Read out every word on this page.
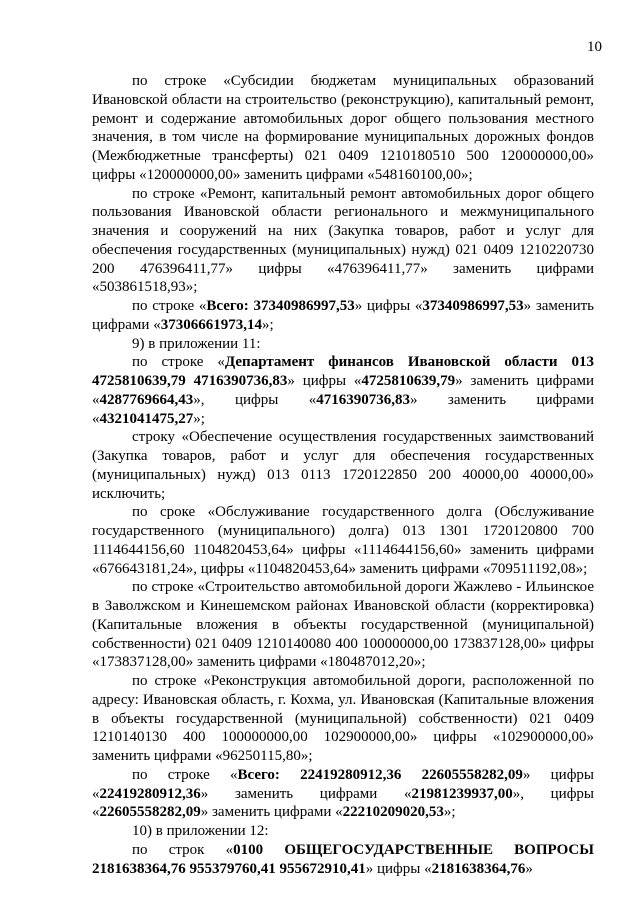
10

по строке «Субсидии бюджетам муниципальных образований Ивановской области на строительство (реконструкцию), капитальный ремонт, ремонт и содержание автомобильных дорог общего пользования местного значения, в том числе на формирование муниципальных дорожных фондов (Межбюджетные трансферты) 021 0409 1210180510 500 120000000,00» цифры «120000000,00» заменить цифрами «548160100,00»;

по строке «Ремонт, капитальный ремонт автомобильных дорог общего пользования Ивановской области регионального и межмуниципального значения и сооружений на них (Закупка товаров, работ и услуг для обеспечения государственных (муниципальных) нужд) 021 0409 1210220730 200 476396411,77» цифры «476396411,77» заменить цифрами «503861518,93»;

по строке «Всего: 37340986997,53» цифры «37340986997,53» заменить цифрами «37306661973,14»;

9) в приложении 11:

по строке «Департамент финансов Ивановской области 013 4725810639,79 4716390736,83» цифры «4725810639,79» заменить цифрами «4287769664,43», цифры «4716390736,83» заменить цифрами «4321041475,27»;

строку «Обеспечение осуществления государственных заимствований (Закупка товаров, работ и услуг для обеспечения государственных (муниципальных) нужд) 013 0113 1720122850 200 40000,00 40000,00» исключить;

по сроке «Обслуживание государственного долга (Обслуживание государственного (муниципального) долга) 013 1301 1720120800 700 1114644156,60 1104820453,64» цифры «1114644156,60» заменить цифрами «676643181,24», цифры «1104820453,64» заменить цифрами «709511192,08»;

по строке «Строительство автомобильной дороги Жажлево - Ильинское в Заволжском и Кинешемском районах Ивановской области (корректировка) (Капитальные вложения в объекты государственной (муниципальной) собственности) 021 0409 1210140080 400 100000000,00 173837128,00» цифры «173837128,00» заменить цифрами «180487012,20»;

по строке «Реконструкция автомобильной дороги, расположенной по адресу: Ивановская область, г. Кохма, ул. Ивановская (Капитальные вложения в объекты государственной (муниципальной) собственности) 021 0409 1210140130 400 100000000,00 102900000,00» цифры «102900000,00» заменить цифрами «96250115,80»;

по строке «Всего: 22419280912,36 22605558282,09» цифры «22419280912,36» заменить цифрами «21981239937,00», цифры «22605558282,09» заменить цифрами «22210209020,53»;

10) в приложении 12:

по строк «0100 ОБЩЕГОСУДАРСТВЕННЫЕ ВОПРОСЫ 2181638364,76 955379760,41 955672910,41» цифры «2181638364,76»
